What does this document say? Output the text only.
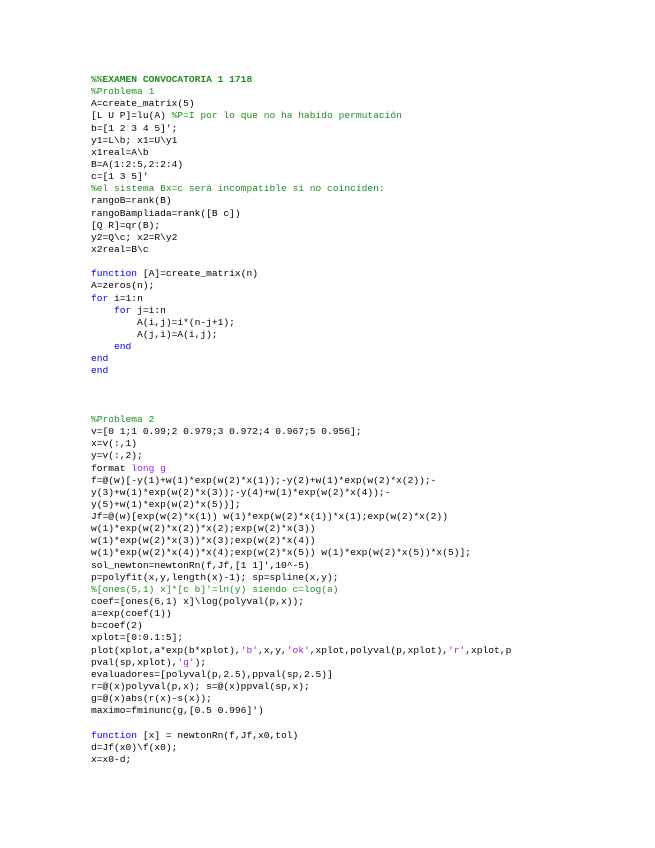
%%EXAMEN CONVOCATORIA 1 1718
%Problema 1
A=create_matrix(5)
[L U P]=lu(A) %P=I por lo que no ha habido permutación
b=[1 2 3 4 5]';
y1=L\b; x1=U\y1
x1real=A\b
B=A(1:2:5,2:2:4)
c=[1 3 5]'
%el sistema Bx=c será incompatible si no coinciden:
rangoB=rank(B)
rangoBampliada=rank([B c])
[Q R]=qr(B);
y2=Q\c; x2=R\y2
x2real=B\c
function [A]=create_matrix(n)
A=zeros(n);
for i=1:n
for j=i:n
A(i,j)=i*(n-j+1);
A(j,i)=A(i,j);
end
end
end
%Problema 2
v=[0 1;1 0.99;2 0.979;3 0.972;4 0.967;5 0.956];
x=v(:,1)
y=v(:,2);
format long g
f=@(w)[-y(1)+w(1)*exp(w(2)*x(1));-y(2)+w(1)*exp(w(2)*x(2));-
y(3)+w(1)*exp(w(2)*x(3));-y(4)+w(1)*exp(w(2)*x(4));-
y(5)+w(1)*exp(w(2)*x(5))];
Jf=@(w)[exp(w(2)*x(1)) w(1)*exp(w(2)*x(1))*x(1);exp(w(2)*x(2))
w(1)*exp(w(2)*x(2))*x(2);exp(w(2)*x(3))
w(1)*exp(w(2)*x(3))*x(3);exp(w(2)*x(4))
w(1)*exp(w(2)*x(4))*x(4);exp(w(2)*x(5)) w(1)*exp(w(2)*x(5))*x(5)];
sol_newton=newtonRn(f,Jf,[1 1]',10^-5)
p=polyfit(x,y,length(x)-1); sp=spline(x,y);
%[ones(5,1) x]*[c b]'=ln(y) siendo c=log(a)
coef=[ones(6,1) x]\log(polyval(p,x));
a=exp(coef(1))
b=coef(2)
xplot=[0:0.1:5];
plot(xplot,a*exp(b*xplot),'b',x,y,'ok',xplot,polyval(p,xplot),'r',xplot,p
pval(sp,xplot),'g');
evaluadores=[polyval(p,2.5),ppval(sp,2.5)]
r=@(x)polyval(p,x); s=@(x)ppval(sp,x);
g=@(x)abs(r(x)-s(x));
maximo=fminunc(g,[0.5 0.996]')
function [x] = newtonRn(f,Jf,x0,tol)
d=Jf(x0)\f(x0);
x=x0-d;
